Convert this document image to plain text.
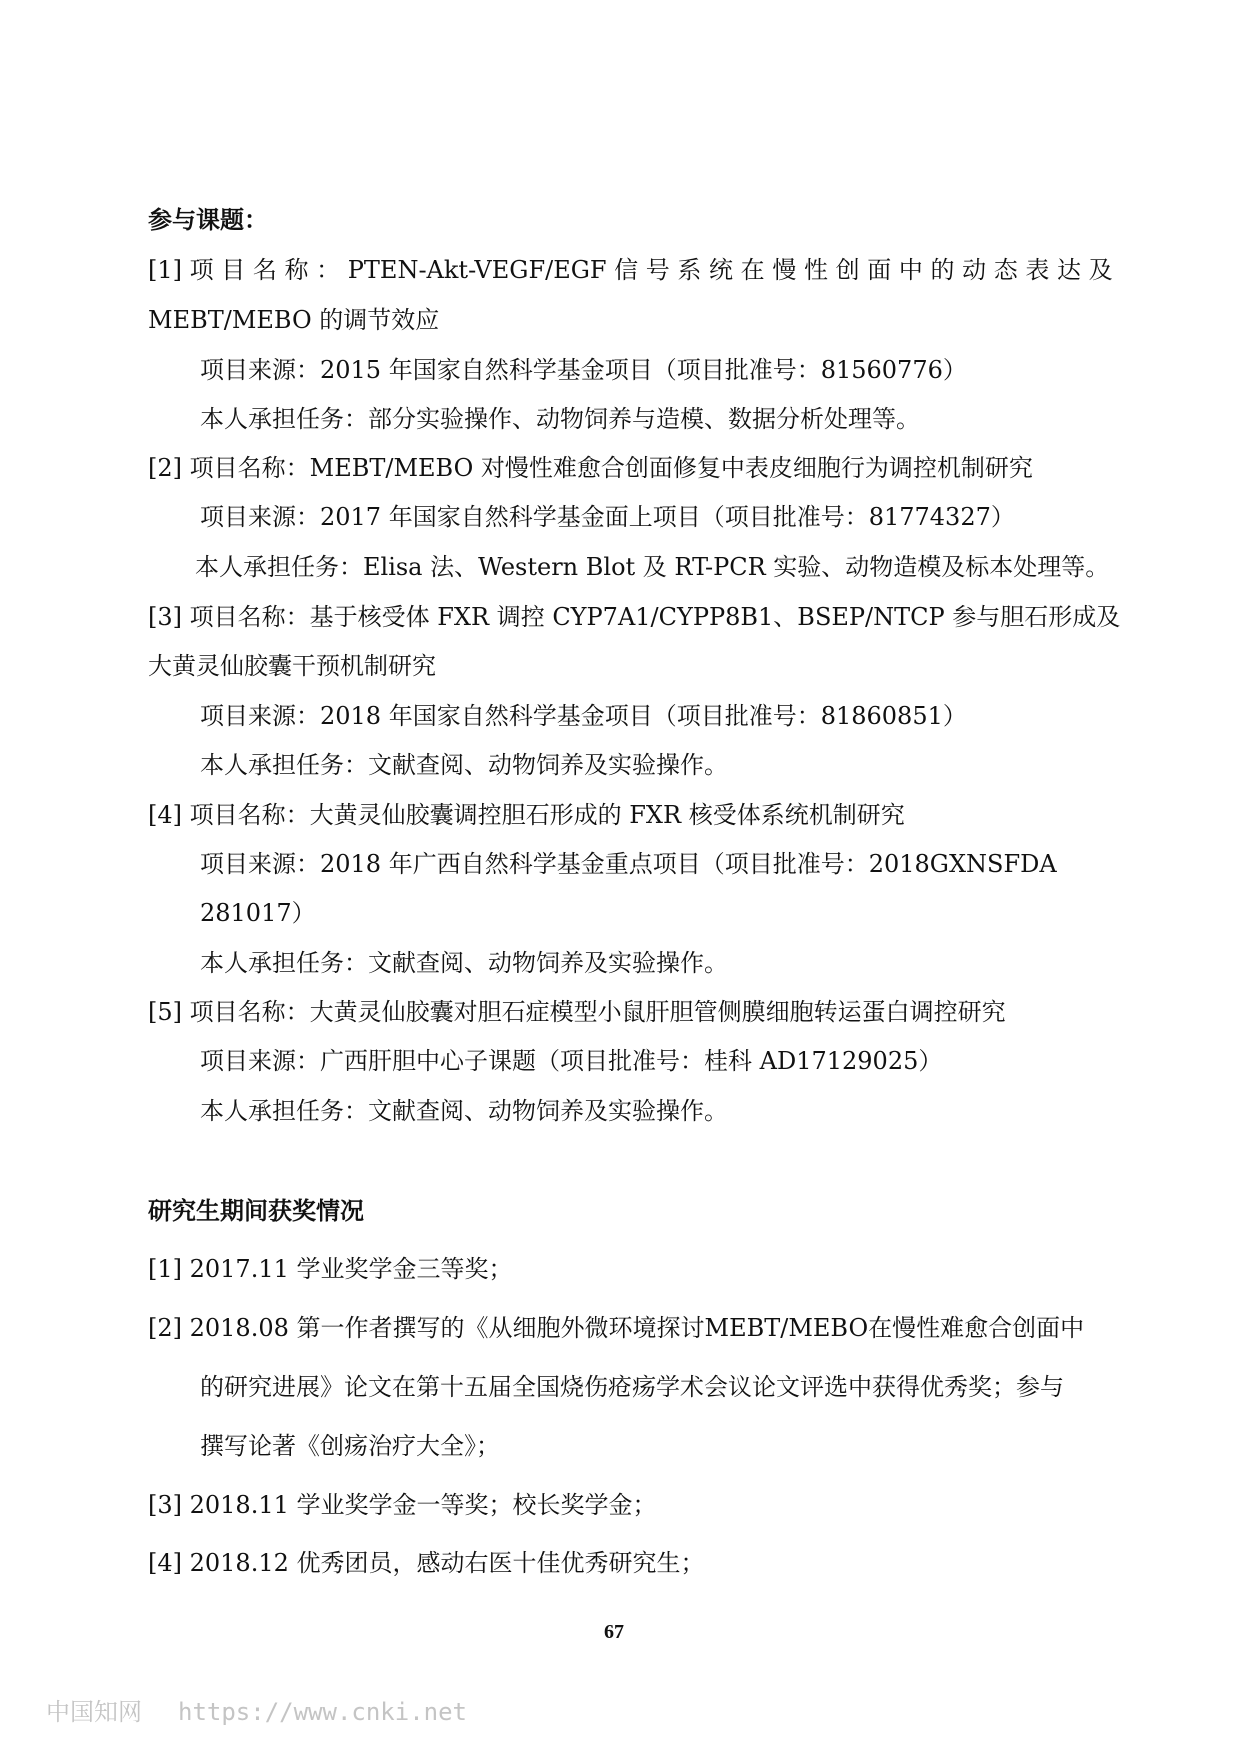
参与课题：
[1] 项 目 名 称 ： PTEN-Akt-VEGF/EGF 信 号 系 统 在 慢 性 创 面 中 的 动 态 表 达 及
MEBT/MEBO 的调节效应
项目来源：2015 年国家自然科学基金项目（项目批准号：81560776）
本人承担任务：部分实验操作、动物饲养与造模、数据分析处理等。
[2] 项目名称：MEBT/MEBO 对慢性难愈合创面修复中表皮细胞行为调控机制研究
项目来源：2017 年国家自然科学基金面上项目（项目批准号：81774327）
本人承担任务：Elisa 法、Western Blot 及 RT-PCR 实验、动物造模及标本处理等。
[3] 项目名称：基于核受体 FXR 调控 CYP7A1/CYPP8B1、BSEP/NTCP 参与胆石形成及
大黄灵仙胶囊干预机制研究
项目来源：2018 年国家自然科学基金项目（项目批准号：81860851）
本人承担任务：文献查阅、动物饲养及实验操作。
[4] 项目名称：大黄灵仙胶囊调控胆石形成的 FXR 核受体系统机制研究
项目来源：2018 年广西自然科学基金重点项目（项目批准号：2018GXNSFDA
281017）
本人承担任务：文献查阅、动物饲养及实验操作。
[5] 项目名称：大黄灵仙胶囊对胆石症模型小鼠肝胆管侧膜细胞转运蛋白调控研究
项目来源：广西肝胆中心子课题（项目批准号：桂科 AD17129025）
本人承担任务：文献查阅、动物饲养及实验操作。
研究生期间获奖情况
[1] 2017.11 学业奖学金三等奖；
[2] 2018.08 第一作者撰写的《从细胞外微环境探讨MEBT/MEBO在慢性难愈合创面中
的研究进展》论文在第十五届全国烧伤疮疡学术会议论文评选中获得优秀奖；参与
撰写论著《创疡治疗大全》；
[3] 2018.11 学业奖学金一等奖；校长奖学金；
[4] 2018.12 优秀团员，感动右医十佳优秀研究生；
67
中国知网 https://www.cnki.net
